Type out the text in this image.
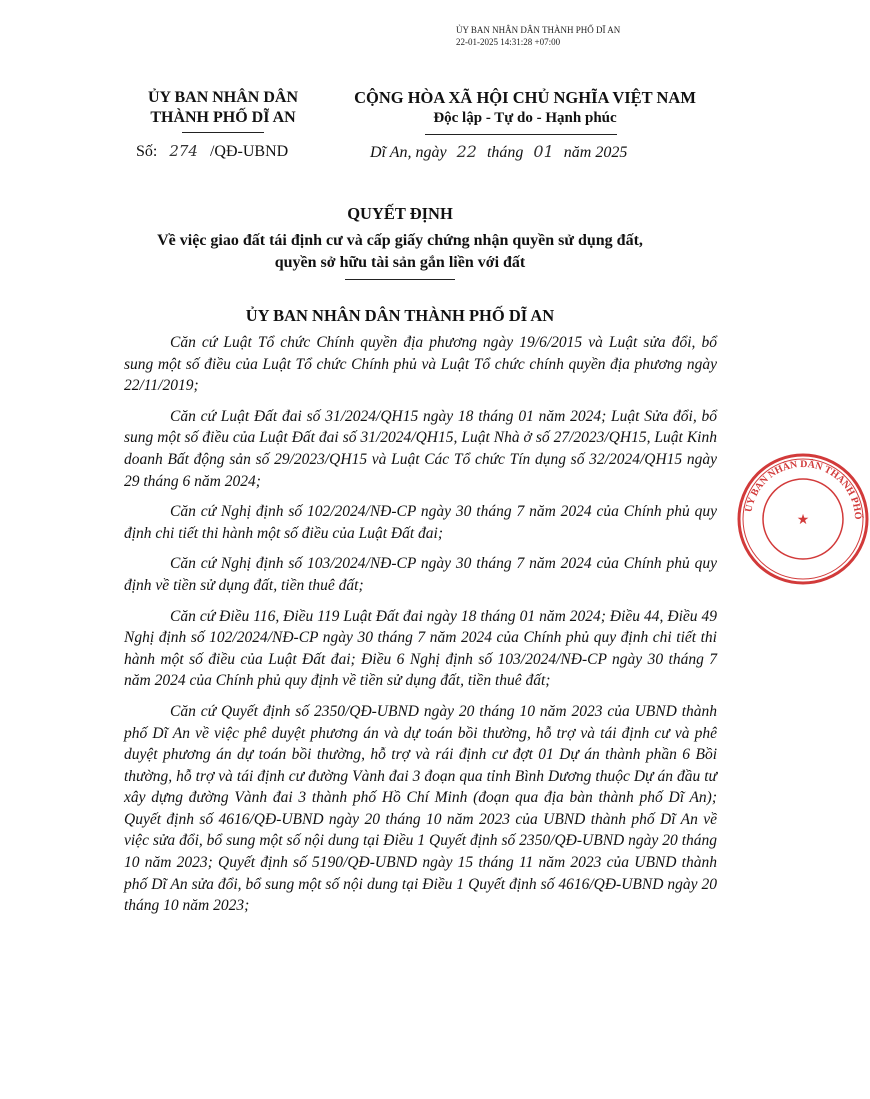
ỦY BAN NHÂN DÂN THÀNH PHỐ DĨ AN
22-01-2025 14:31:28 +07:00
ỦY BAN NHÂN DÂN
THÀNH PHỐ DĨ AN
CỘNG HÒA XÃ HỘI CHỦ NGHĨA VIỆT NAM
Độc lập - Tự do - Hạnh phúc
Số: 274 /QĐ-UBND	Dĩ An, ngày 22 tháng 01 năm 2025
QUYẾT ĐỊNH
Về việc giao đất tái định cư và cấp giấy chứng nhận quyền sử dụng đất,
quyền sở hữu tài sản gắn liền với đất
ỦY BAN NHÂN DÂN THÀNH PHỐ DĨ AN

Căn cứ Luật Tổ chức Chính quyền địa phương ngày 19/6/2015 và Luật sửa đổi, bổ sung một số điều của Luật Tổ chức Chính phủ và Luật Tổ chức chính quyền địa phương ngày 22/11/2019;

Căn cứ Luật Đất đai số 31/2024/QH15 ngày 18 tháng 01 năm 2024; Luật Sửa đổi, bổ sung một số điều của Luật Đất đai số 31/2024/QH15, Luật Nhà ở số 27/2023/QH15, Luật Kinh doanh Bất động sản số 29/2023/QH15 và Luật Các Tổ chức Tín dụng số 32/2024/QH15 ngày 29 tháng 6 năm 2024;

Căn cứ Nghị định số 102/2024/NĐ-CP ngày 30 tháng 7 năm 2024 của Chính phủ quy định chi tiết thi hành một số điều của Luật Đất đai;

Căn cứ Nghị định số 103/2024/NĐ-CP ngày 30 tháng 7 năm 2024 của Chính phủ quy định về tiền sử dụng đất, tiền thuê đất;

Căn cứ Điều 116, Điều 119 Luật Đất đai ngày 18 tháng 01 năm 2024; Điều 44, Điều 49 Nghị định số 102/2024/NĐ-CP ngày 30 tháng 7 năm 2024 của Chính phủ quy định chi tiết thi hành một số điều của Luật Đất đai; Điều 6 Nghị định số 103/2024/NĐ-CP ngày 30 tháng 7 năm 2024 của Chính phủ quy định về tiền sử dụng đất, tiền thuê đất;

Căn cứ Quyết định số 2350/QĐ-UBND ngày 20 tháng 10 năm 2023 của UBND thành phố Dĩ An về việc phê duyệt phương án và dự toán bồi thường, hỗ trợ và tái định cư và phê duyệt phương án dự toán bồi thường, hỗ trợ và rái định cư đợt 01 Dự án thành phần 6 Bồi thường, hỗ trợ và tái định cư đường Vành đai 3 đoạn qua tỉnh Bình Dương thuộc Dự án đầu tư xây dựng đường Vành đai 3 thành phố Hồ Chí Minh (đoạn qua địa bàn thành phố Dĩ An); Quyết định số 4616/QĐ-UBND ngày 20 tháng 10 năm 2023 của UBND thành phố Dĩ An về việc sửa đổi, bổ sung một số nội dung tại Điều 1 Quyết định số 2350/QĐ-UBND ngày 20 tháng 10 năm 2023; Quyết định số 5190/QĐ-UBND ngày 15 tháng 11 năm 2023 của UBND thành phố Dĩ An sửa đổi, bổ sung một số nội dung tại Điều 1 Quyết định số 4616/QĐ-UBND ngày 20 tháng 10 năm 2023;

ỦY BAN NHÂN DÂN THÀNH PHỐ
★
